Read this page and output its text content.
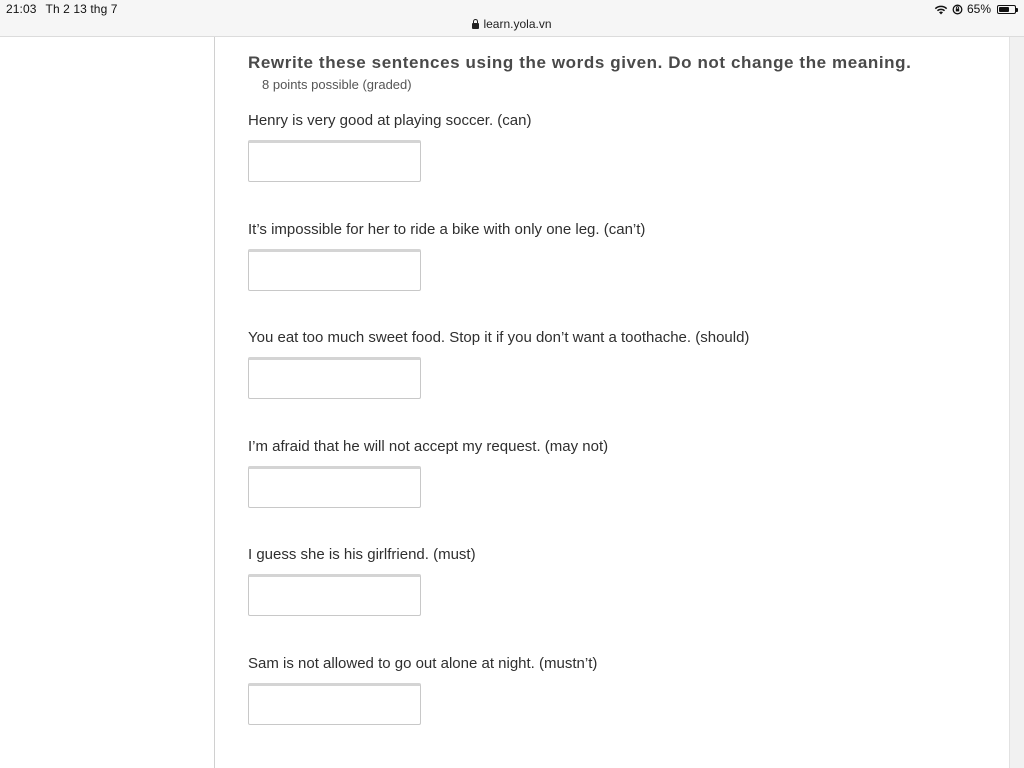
21:03 Th 2 13 thg 7	65%
learn.yola.vn
Rewrite these sentences using the words given. Do not change the meaning.
8 points possible (graded)
Henry is very good at playing soccer. (can)
It’s impossible for her to ride a bike with only one leg. (can’t)
You eat too much sweet food. Stop it if you don’t want a toothache. (should)
I’m afraid that he will not accept my request. (may not)
I guess she is his girlfriend. (must)
Sam is not allowed to go out alone at night. (mustn’t)
